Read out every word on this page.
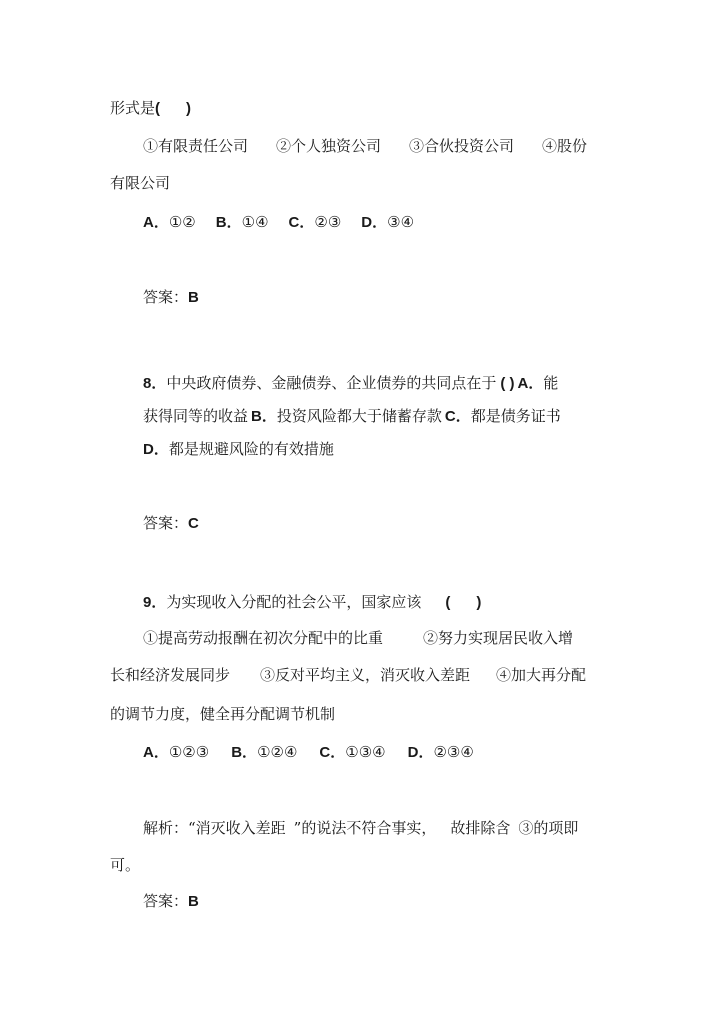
形式是( )
①有限责任公司 ②个人独资公司 ③合伙投资公司 ④股份
有限公司
A．①② B．①④ C．②③ D．③④
答案：B
8．中央政府债券、金融债券、企业债券的共同点在于 ( ) A．能
获得同等的收益 B．投资风险都大于储蓄存款 C．都是债务证书
D．都是规避风险的有效措施
答案：C
9．为实现收入分配的社会公平，国家应该 ( )
①提高劳动报酬在初次分配中的比重	②努力实现居民收入增
长和经济发展同步 ③反对平均主义，消灭收入差距 ④加大再分配
的调节力度，健全再分配调节机制
A．①②③ B．①②④ C．①③④ D．②③④
解析：“消灭收入差距 ”的说法不符合事实， 故排除含 ③的项即
可。
答案：B
